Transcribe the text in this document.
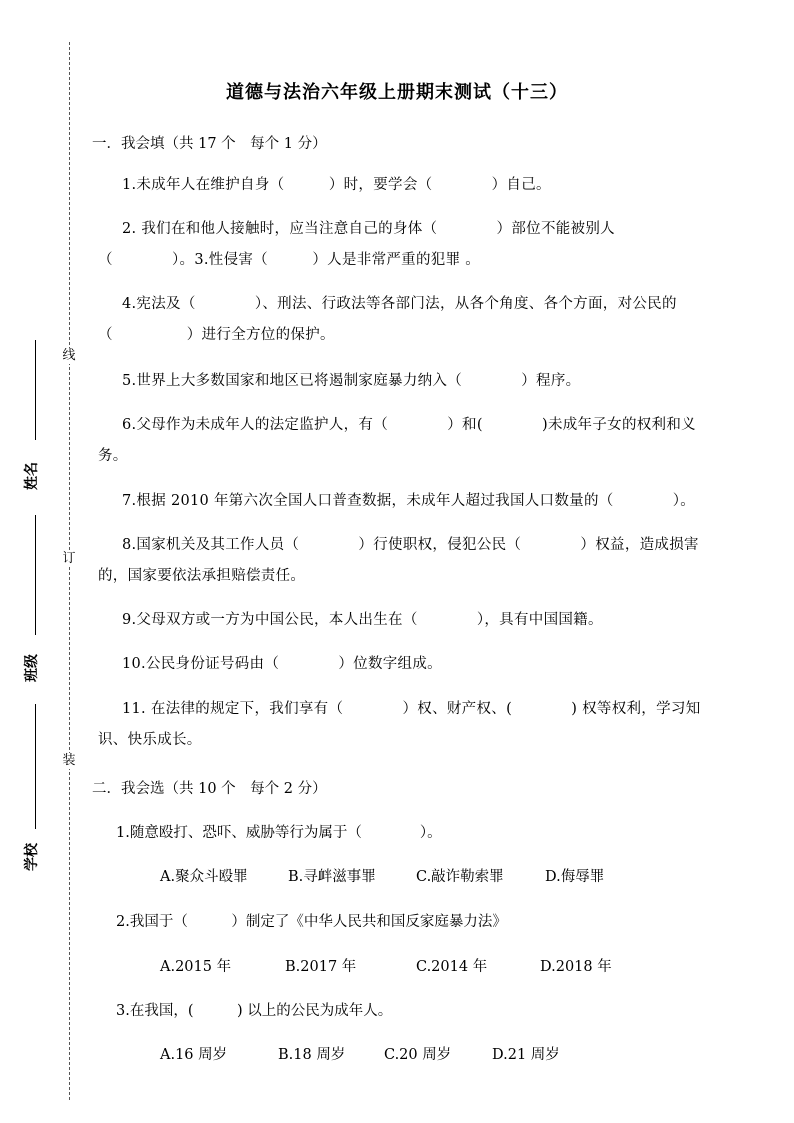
线
订
装
姓名
班级
学校
道德与法治六年级上册期末测试（十三）
一．我会填（共 17 个　每个 1 分）
1.未成年人在维护自身（　　　）时，要学会（　　　　）自己。
2. 我们在和他人接触时，应当注意自己的身体（　　　　）部位不能被别人（　　　　）。3.性侵害（　　　）人是非常严重的犯罪 。
4.宪法及（　　　　）、刑法、行政法等各部门法，从各个角度、各个方面，对公民的（　　　　　）进行全方位的保护。
5.世界上大多数国家和地区已将遏制家庭暴力纳入（　　　　）程序。
6.父母作为未成年人的法定监护人，有（　　　　）和(　　　　)未成年子女的权利和义务。
7.根据 2010 年第六次全国人口普查数据，未成年人超过我国人口数量的（　　　　）。
8.国家机关及其工作人员（　　　　）行使职权，侵犯公民（　　　　）权益，造成损害的，国家要依法承担赔偿责任。
9.父母双方或一方为中国公民，本人出生在（　　　　），具有中国国籍。
10.公民身份证号码由（　　　　）位数字组成。
11. 在法律的规定下，我们享有（　　　　）权、财产权、(　　　　) 权等权利，学习知识、快乐成长。
二．我会选（共 10 个　每个 2 分）
1.随意殴打、恐吓、威胁等行为属于（　　　　）。
A.聚众斗殴罪	B.寻衅滋事罪	C.敲诈勒索罪	D.侮辱罪
2.我国于（　　　）制定了《中华人民共和国反家庭暴力法》
A.2015 年	B.2017 年	C.2014 年	D.2018 年
3.在我国，(　　　) 以上的公民为成年人。
A.16 周岁	B.18 周岁	C.20 周岁	D.21 周岁
